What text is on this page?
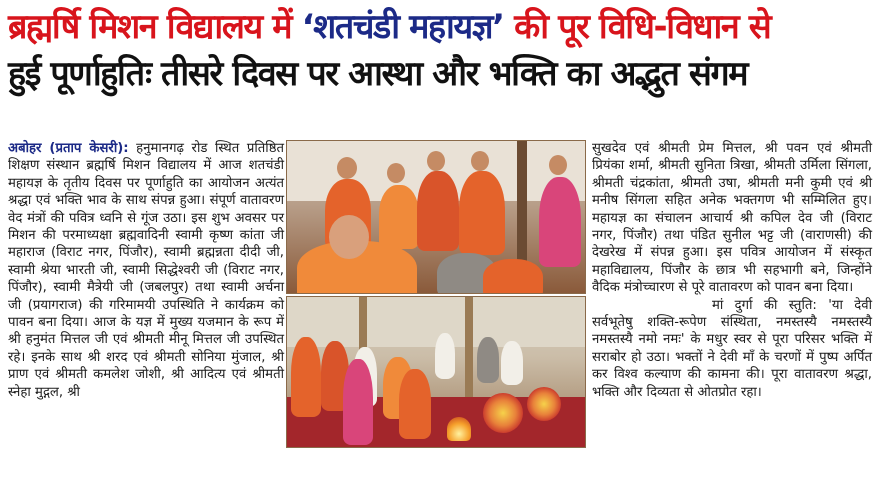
ब्रह्मर्षि मिशन विद्यालय में ‘शतचंडी महायज्ञ’ की पूर विधि-विधान से
हुई पूर्णाहुतिः तीसरे दिवस पर आस्था और भक्ति का अद्भुत संगम

अबोहर (प्रताप केसरी): हनुमानगढ़ रोड स्थित प्रतिष्ठित शिक्षण संस्थान ब्रह्मर्षि मिशन विद्यालय में आज शतचंडी महायज्ञ के तृतीय दिवस पर पूर्णाहुति का आयोजन अत्यंत श्रद्धा एवं भक्ति भाव के साथ संपन्न हुआ। संपूर्ण वातावरण वेद मंत्रों की पवित्र ध्वनि से गूंज उठा। इस शुभ अवसर पर मिशन की परमाध्यक्षा ब्रह्मवादिनी स्वामी कृष्ण कांता जी महाराज (विराट नगर, पिंजौर), स्वामी ब्रह्मन्नता दीदी जी, स्वामी श्रेया भारती जी, स्वामी सिद्धेश्वरी जी (विराट नगर, पिंजौर), स्वामी मैत्रेयी जी (जबलपुर) तथा स्वामी अर्चना जी (प्रयागराज) की गरिमामयी उपस्थिति ने कार्यक्रम को पावन बना दिया। आज के यज्ञ में मुख्य यजमान के रूप में श्री हनुमंत मित्तल जी एवं श्रीमती मीनू मित्तल जी उपस्थित रहे। इनके साथ श्री शरद एवं श्रीमती सोनिया मुंजाल, श्री प्राण एवं श्रीमती कमलेश जोशी, श्री आदित्य एवं श्रीमती स्नेहा मुद्गल, श्री

सुखदेव एवं श्रीमती प्रेम मित्तल, श्री पवन एवं श्रीमती प्रियंका शर्मा, श्रीमती सुनिता त्रिखा, श्रीमती उर्मिला सिंगला, श्रीमती चंद्रकांता, श्रीमती उषा, श्रीमती मनी कुमी एवं श्री मनीष सिंगला सहित अनेक भक्तगण भी सम्मिलित हुए। महायज्ञ का संचालन आचार्य श्री कपिल देव जी (विराट नगर, पिंजौर) तथा पंडित सुनील भट्ट जी (वाराणसी) की देखरेख में संपन्न हुआ। इस पवित्र आयोजन में संस्कृत महाविद्यालय, पिंजौर के छात्र भी सहभागी बने, जिन्होंने वैदिक मंत्रोच्चारण से पूरे वातावरण को पावन बना दिया।

मां दुर्गा की स्तुति: 'या देवी सर्वभूतेषु शक्ति-रूपेण संस्थिता, नमस्तस्यै नमस्तस्यै नमस्तस्यै नमो नमः' के मधुर स्वर से पूरा परिसर भक्ति में सराबोर हो उठा। भक्तों ने देवी माँ के चरणों में पुष्प अर्पित कर विश्व कल्याण की कामना की। पूरा वातावरण श्रद्धा, भक्ति और दिव्यता से ओतप्रोत रहा।
